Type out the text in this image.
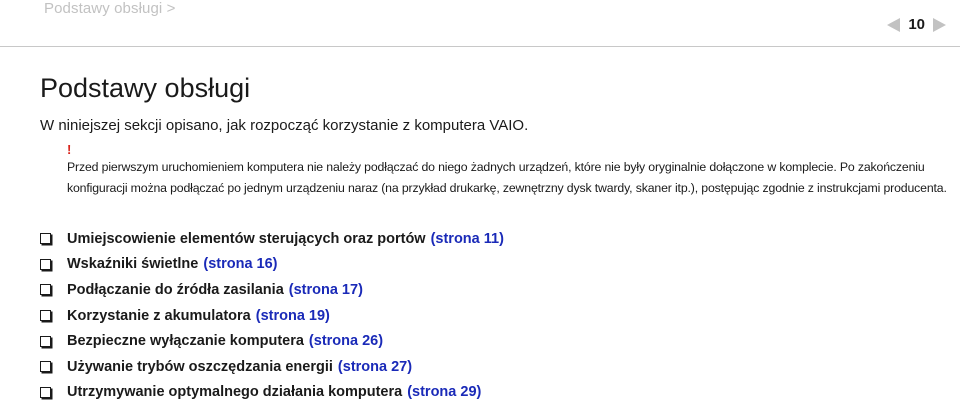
Podstawy obsługi >
10
Podstawy obsługi
W niniejszej sekcji opisano, jak rozpocząć korzystanie z komputera VAIO.
!
Przed pierwszym uruchomieniem komputera nie należy podłączać do niego żadnych urządzeń, które nie były oryginalnie dołączone w komplecie. Po zakończeniu
konfiguracji można podłączać po jednym urządzeniu naraz (na przykład drukarkę, zewnętrzny dysk twardy, skaner itp.), postępując zgodnie z instrukcjami producenta.
Umiejscowienie elementów sterujących oraz portów (strona 11)
Wskaźniki świetlne (strona 16)
Podłączanie do źródła zasilania (strona 17)
Korzystanie z akumulatora (strona 19)
Bezpieczne wyłączanie komputera (strona 26)
Używanie trybów oszczędzania energii (strona 27)
Utrzymywanie optymalnego działania komputera (strona 29)
